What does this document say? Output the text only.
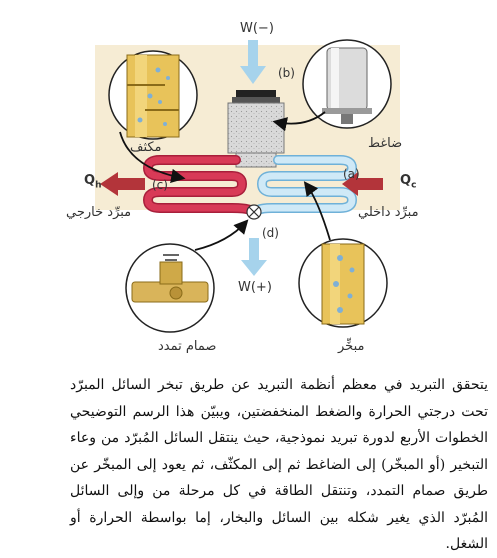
W(−)
(b)
ضاغط
مكثف
(a)
(c)
$Q_h$	$Q_c$
مبرِّد خارجي	مبرِّد داخلي
(d)
W(+)
صمام تمدد	مبخِّر
يتحقق التبريد في معظم أنظمة التبريد عن طريق تبخر السائل المبرّد تحت درجتي الحرارة والضغط المنخفضتين، ويبيّن هذا الرسم التوضيحي الخطوات الأربع لدورة تبريد نموذجية، حيث ينتقل السائل المُبرّد من وعاء التبخير (أو المبخّر) إلى الضاغط ثم إلى المكثّف، ثم يعود إلى المبخّر عن طريق صمام التمدد، وتنتقل الطاقة في كل مرحلة من وإلى السائل المُبرّد الذي يغير شكله بين السائل والبخار، إما بواسطة الحرارة أو الشغل.
